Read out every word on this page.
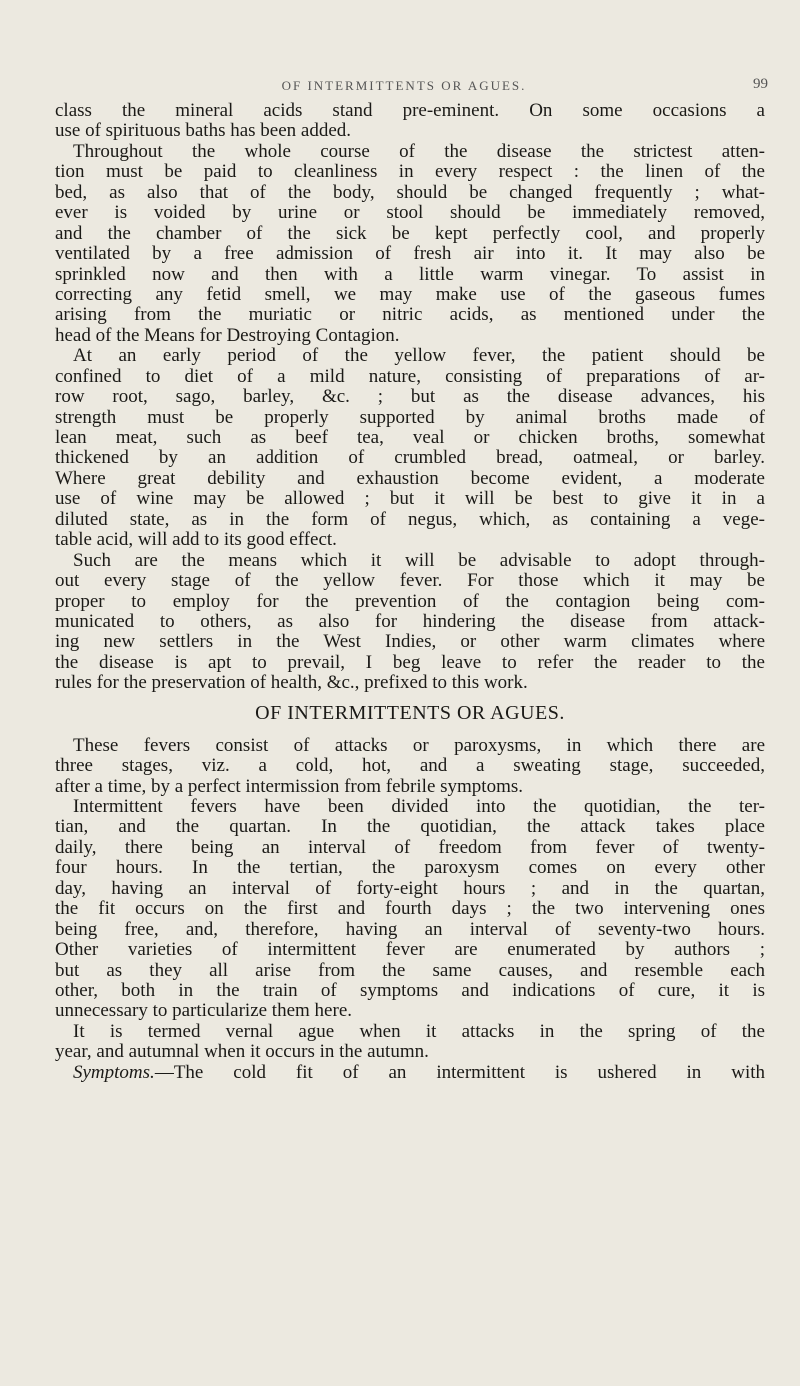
OF INTERMITTENTS OR AGUES.	99
class the mineral acids stand pre-eminent. On some occasions a
use of spirituous baths has been added.
Throughout the whole course of the disease the strictest atten-
tion must be paid to cleanliness in every respect : the linen of the
bed, as also that of the body, should be changed frequently ; what-
ever is voided by urine or stool should be immediately removed,
and the chamber of the sick be kept perfectly cool, and properly
ventilated by a free admission of fresh air into it. It may also be
sprinkled now and then with a little warm vinegar. To assist in
correcting any fetid smell, we may make use of the gaseous fumes
arising from the muriatic or nitric acids, as mentioned under the
head of the Means for Destroying Contagion.
At an early period of the yellow fever, the patient should be
confined to diet of a mild nature, consisting of preparations of ar-
row root, sago, barley, &c. ; but as the disease advances, his
strength must be properly supported by animal broths made of
lean meat, such as beef tea, veal or chicken broths, somewhat
thickened by an addition of crumbled bread, oatmeal, or barley.
Where great debility and exhaustion become evident, a moderate
use of wine may be allowed ; but it will be best to give it in a
diluted state, as in the form of negus, which, as containing a vege-
table acid, will add to its good effect.
Such are the means which it will be advisable to adopt through-
out every stage of the yellow fever. For those which it may be
proper to employ for the prevention of the contagion being com-
municated to others, as also for hindering the disease from attack-
ing new settlers in the West Indies, or other warm climates where
the disease is apt to prevail, I beg leave to refer the reader to the
rules for the preservation of health, &c., prefixed to this work.
OF INTERMITTENTS OR AGUES.
These fevers consist of attacks or paroxysms, in which there are
three stages, viz. a cold, hot, and a sweating stage, succeeded,
after a time, by a perfect intermission from febrile symptoms.
Intermittent fevers have been divided into the quotidian, the ter-
tian, and the quartan. In the quotidian, the attack takes place
daily, there being an interval of freedom from fever of twenty-
four hours. In the tertian, the paroxysm comes on every other
day, having an interval of forty-eight hours ; and in the quartan,
the fit occurs on the first and fourth days ; the two intervening ones
being free, and, therefore, having an interval of seventy-two hours.
Other varieties of intermittent fever are enumerated by authors ;
but as they all arise from the same causes, and resemble each
other, both in the train of symptoms and indications of cure, it is
unnecessary to particularize them here.
It is termed vernal ague when it attacks in the spring of the
year, and autumnal when it occurs in the autumn.
Symptoms.—The cold fit of an intermittent is ushered in with
